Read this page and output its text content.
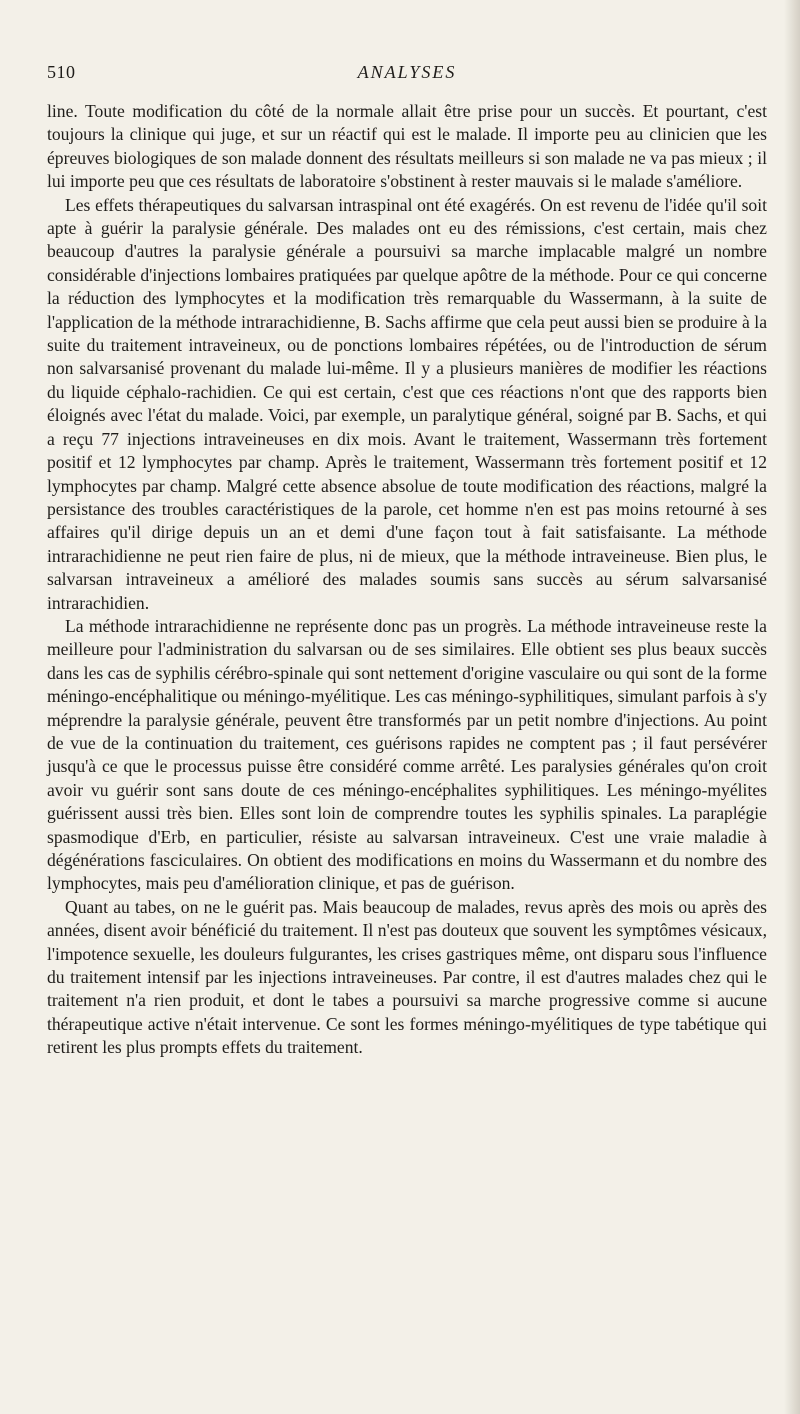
510	ANALYSES

line. Toute modification du côté de la normale allait être prise pour un succès. Et pourtant, c'est toujours la clinique qui juge, et sur un réactif qui est le malade. Il importe peu au clinicien que les épreuves biologiques de son malade donnent des résultats meilleurs si son malade ne va pas mieux ; il lui importe peu que ces résultats de laboratoire s'obstinent à rester mauvais si le malade s'améliore.

Les effets thérapeutiques du salvarsan intraspinal ont été exagérés. On est revenu de l'idée qu'il soit apte à guérir la paralysie générale. Des malades ont eu des rémissions, c'est certain, mais chez beaucoup d'autres la paralysie générale a poursuivi sa marche implacable malgré un nombre considérable d'injections lombaires pratiquées par quelque apôtre de la méthode. Pour ce qui concerne la réduction des lymphocytes et la modification très remarquable du Wassermann, à la suite de l'application de la méthode intrarachidienne, B. Sachs affirme que cela peut aussi bien se produire à la suite du traitement intraveineux, ou de ponctions lombaires répétées, ou de l'introduction de sérum non salvarsanisé provenant du malade lui-même. Il y a plusieurs manières de modifier les réactions du liquide céphalo-rachidien. Ce qui est certain, c'est que ces réactions n'ont que des rapports bien éloignés avec l'état du malade. Voici, par exemple, un paralytique général, soigné par B. Sachs, et qui a reçu 77 injections intraveineuses en dix mois. Avant le traitement, Wassermann très fortement positif et 12 lymphocytes par champ. Après le traitement, Wassermann très fortement positif et 12 lymphocytes par champ. Malgré cette absence absolue de toute modification des réactions, malgré la persistance des troubles caractéristiques de la parole, cet homme n'en est pas moins retourné à ses affaires qu'il dirige depuis un an et demi d'une façon tout à fait satisfaisante. La méthode intrarachidienne ne peut rien faire de plus, ni de mieux, que la méthode intraveineuse. Bien plus, le salvarsan intraveineux a amélioré des malades soumis sans succès au sérum salvarsanisé intrarachidien.

La méthode intrarachidienne ne représente donc pas un progrès. La méthode intraveineuse reste la meilleure pour l'administration du salvarsan ou de ses similaires. Elle obtient ses plus beaux succès dans les cas de syphilis cérébro-spinale qui sont nettement d'origine vasculaire ou qui sont de la forme méningo-encéphalitique ou méningo-myélitique. Les cas méningo-syphilitiques, simulant parfois à s'y méprendre la paralysie générale, peuvent être transformés par un petit nombre d'injections. Au point de vue de la continuation du traitement, ces guérisons rapides ne comptent pas ; il faut persévérer jusqu'à ce que le processus puisse être considéré comme arrêté. Les paralysies générales qu'on croit avoir vu guérir sont sans doute de ces méningo-encéphalites syphilitiques. Les méningo-myélites guérissent aussi très bien. Elles sont loin de comprendre toutes les syphilis spinales. La paraplégie spasmodique d'Erb, en particulier, résiste au salvarsan intraveineux. C'est une vraie maladie à dégénérations fasciculaires. On obtient des modifications en moins du Wassermann et du nombre des lymphocytes, mais peu d'amélioration clinique, et pas de guérison.

Quant au tabes, on ne le guérit pas. Mais beaucoup de malades, revus après des mois ou après des années, disent avoir bénéficié du traitement. Il n'est pas douteux que souvent les symptômes vésicaux, l'impotence sexuelle, les douleurs fulgurantes, les crises gastriques même, ont disparu sous l'influence du traitement intensif par les injections intraveineuses. Par contre, il est d'autres malades chez qui le traitement n'a rien produit, et dont le tabes a poursuivi sa marche progressive comme si aucune thérapeutique active n'était intervenue. Ce sont les formes méningo-myélitiques de type tabétique qui retirent les plus prompts effets du traitement.
